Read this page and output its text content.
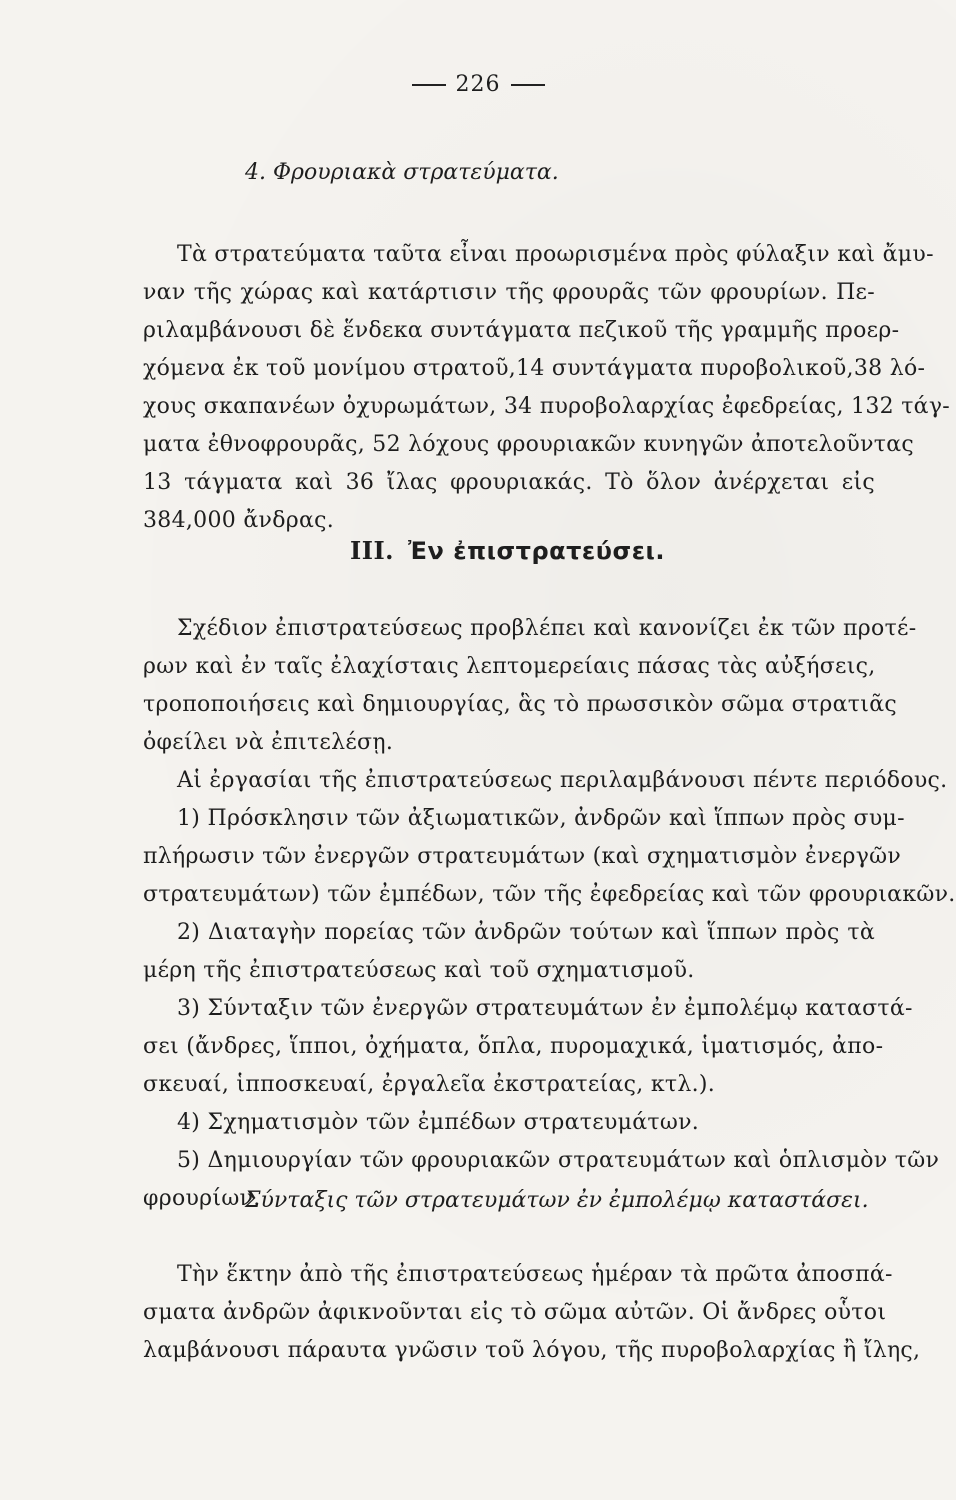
226
4. Φρουριακὰ στρατεύματα.
Τὰ στρατεύματα ταῦτα εἶναι προωρισμένα πρὸς φύλαξιν καὶ ἄμυ-
ναν τῆς χώρας καὶ κατάρτισιν τῆς φρουρᾶς τῶν φρουρίων. Πε-
ριλαμβάνουσι δὲ ἕνδεκα συντάγματα πεζικοῦ τῆς γραμμῆς προερ-
χόμενα ἐκ τοῦ μονίμου στρατοῦ,14 συντάγματα πυροβολικοῦ,38 λό-
χους σκαπανέων ὀχυρωμάτων, 34 πυροβολαρχίας ἐφεδρείας, 132 τάγ-
ματα ἐθνοφρουρᾶς, 52 λόχους φρουριακῶν κυνηγῶν ἀποτελοῦντας
13 τάγματα καὶ 36 ἴλας φρουριακάς. Τὸ ὅλον ἀνέρχεται εἰς
384,000 ἄνδρας.
III. Ἐν ἐπιστρατεύσει.
Σχέδιον ἐπιστρατεύσεως προβλέπει καὶ κανονίζει ἐκ τῶν προτέ-
ρων καὶ ἐν ταῖς ἐλαχίσταις λεπτομερείαις πάσας τὰς αὐξήσεις,
τροποποιήσεις καὶ δημιουργίας, ἃς τὸ πρωσσικὸν σῶμα στρατιᾶς
ὀφείλει νὰ ἐπιτελέσῃ.
Αἱ ἐργασίαι τῆς ἐπιστρατεύσεως περιλαμβάνουσι πέντε περιόδους.
1) Πρόσκλησιν τῶν ἀξιωματικῶν, ἀνδρῶν καὶ ἵππων πρὸς συμ-
πλήρωσιν τῶν ἐνεργῶν στρατευμάτων (καὶ σχηματισμὸν ἐνεργῶν
στρατευμάτων) τῶν ἐμπέδων, τῶν τῆς ἐφεδρείας καὶ τῶν φρουριακῶν.
2) Διαταγὴν πορείας τῶν ἀνδρῶν τούτων καὶ ἵππων πρὸς τὰ
μέρη τῆς ἐπιστρατεύσεως καὶ τοῦ σχηματισμοῦ.
3) Σύνταξιν τῶν ἐνεργῶν στρατευμάτων ἐν ἐμπολέμῳ καταστά-
σει (ἄνδρες, ἵπποι, ὀχήματα, ὅπλα, πυρομαχικά, ἱματισμός, ἀπο-
σκευαί, ἱπποσκευαί, ἐργαλεῖα ἐκστρατείας, κτλ.).
4) Σχηματισμὸν τῶν ἐμπέδων στρατευμάτων.
5) Δημιουργίαν τῶν φρουριακῶν στρατευμάτων καὶ ὁπλισμὸν τῶν
φρουρίων.
Σύνταξις τῶν στρατευμάτων ἐν ἐμπολέμῳ καταστάσει.
Τὴν ἕκτην ἀπὸ τῆς ἐπιστρατεύσεως ἡμέραν τὰ πρῶτα ἀποσπά-
σματα ἀνδρῶν ἀφικνοῦνται εἰς τὸ σῶμα αὐτῶν. Οἱ ἄνδρες οὗτοι
λαμβάνουσι πάραυτα γνῶσιν τοῦ λόγου, τῆς πυροβολαρχίας ἢ ἴλης,
